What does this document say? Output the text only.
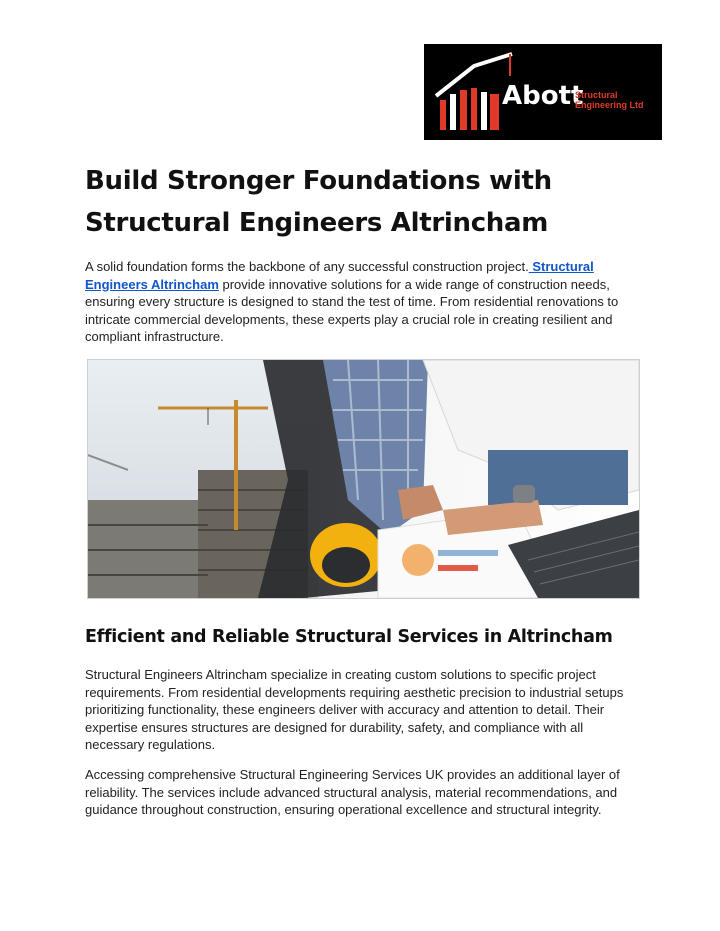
Abott
Structural
Engineering Ltd
Build Stronger Foundations with Structural Engineers Altrincham

A solid foundation forms the backbone of any successful construction project. Structural Engineers Altrincham provide innovative solutions for a wide range of construction needs, ensuring every structure is designed to stand the test of time. From residential renovations to intricate commercial developments, these experts play a crucial role in creating resilient and compliant infrastructure.

Efficient and Reliable Structural Services in Altrincham

Structural Engineers Altrincham specialize in creating custom solutions to specific project requirements. From residential developments requiring aesthetic precision to industrial setups prioritizing functionality, these engineers deliver with accuracy and attention to detail. Their expertise ensures structures are designed for durability, safety, and compliance with all necessary regulations.

Accessing comprehensive Structural Engineering Services UK provides an additional layer of reliability. The services include advanced structural analysis, material recommendations, and guidance throughout construction, ensuring operational excellence and structural integrity.
